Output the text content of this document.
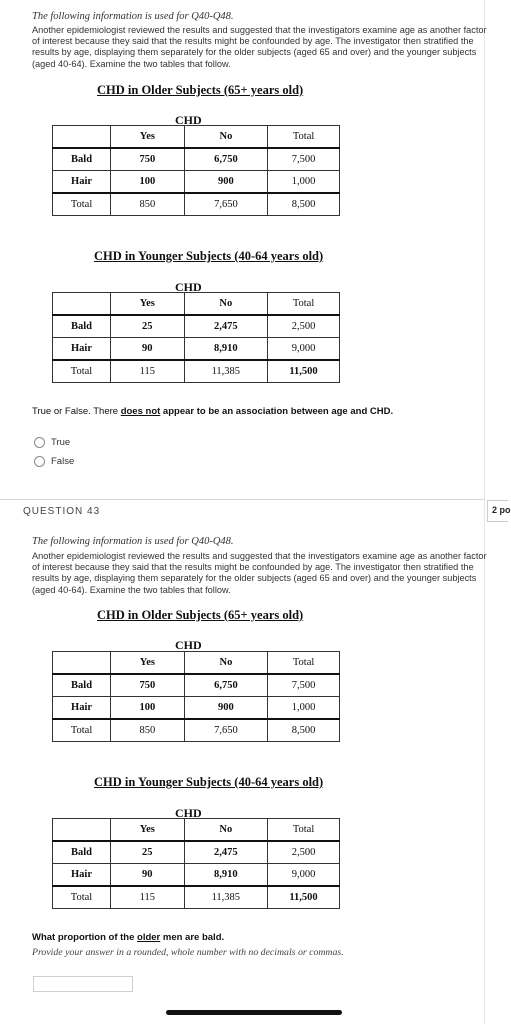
The following information is used for Q40-Q48.
Another epidemiologist reviewed the results and suggested that the investigators examine age as another factor of interest because they said that the results might be confounded by age. The investigator then stratified the results by age, displaying them separately for the older subjects (aged 65 and over) and the younger subjects (aged 40-64). Examine the two tables that follow.
CHD in Older Subjects (65+ years old)
CHD
	Yes	No	Total
Bald	750	6,750	7,500
Hair	100	900	1,000
Total	850	7,650	8,500
CHD in Younger Subjects (40-64 years old)
CHD
	Yes	No	Total
Bald	25	2,475	2,500
Hair	90	8,910	9,000
Total	115	11,385	11,500
True or False. There does not appear to be an association between age and CHD.
True
False
QUESTION 43	2 po
The following information is used for Q40-Q48.
Another epidemiologist reviewed the results and suggested that the investigators examine age as another factor of interest because they said that the results might be confounded by age. The investigator then stratified the results by age, displaying them separately for the older subjects (aged 65 and over) and the younger subjects (aged 40-64). Examine the two tables that follow.
CHD in Older Subjects (65+ years old)
CHD
	Yes	No	Total
Bald	750	6,750	7,500
Hair	100	900	1,000
Total	850	7,650	8,500
CHD in Younger Subjects (40-64 years old)
CHD
	Yes	No	Total
Bald	25	2,475	2,500
Hair	90	8,910	9,000
Total	115	11,385	11,500
What proportion of the older men are bald.
Provide your answer in a rounded, whole number with no decimals or commas.
